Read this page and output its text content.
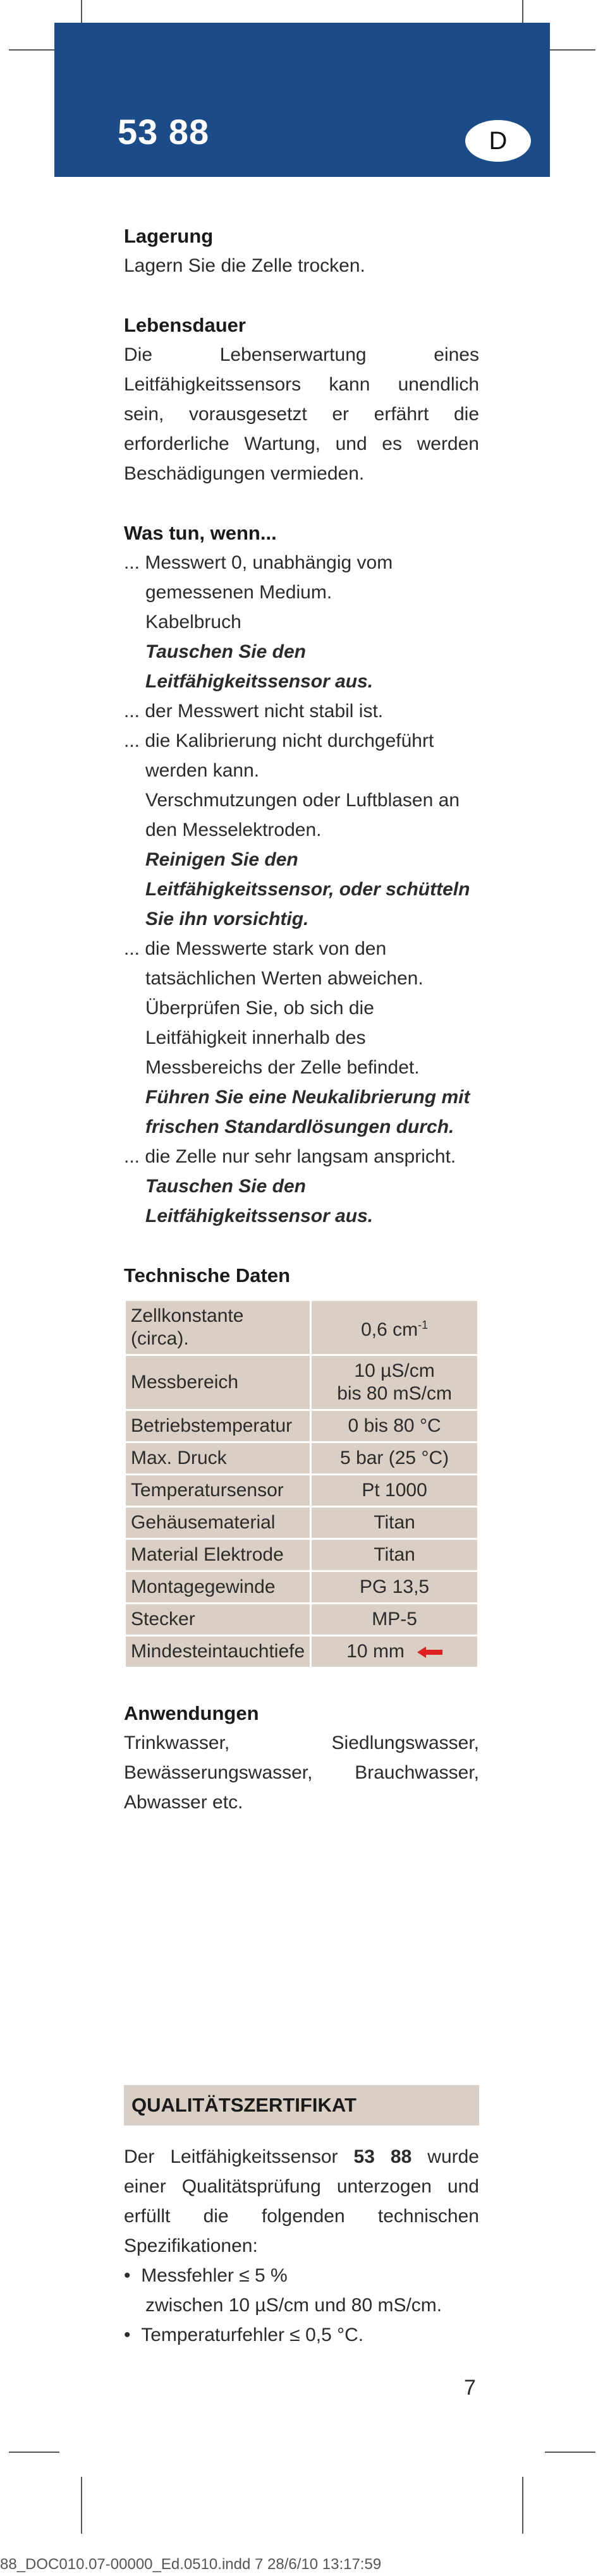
53 88	D

Lagerung

Lagern Sie die Zelle trocken.

Lebensdauer

Die Lebenserwartung eines Leitfähigkeitssensors kann unendlich sein, vorausgesetzt er erfährt die erforderliche Wartung, und es werden Beschädigungen vermieden.

Was tun, wenn...

... Messwert 0, unabhängig vom gemessenen Medium.

Kabelbruch

Tauschen Sie den Leitfähigkeitssensor aus.

... der Messwert nicht stabil ist.

... die Kalibrierung nicht durchgeführt werden kann.

Verschmutzungen oder Luftblasen an den Messelektroden.

Reinigen Sie den Leitfähigkeitssensor, oder schütteln Sie ihn vorsichtig.

... die Messwerte stark von den tatsächlichen Werten abweichen.

Überprüfen Sie, ob sich die Leitfähigkeit innerhalb des Messbereichs der Zelle befindet.

Führen Sie eine Neukalibrierung mit frischen Standardlösungen durch.

... die Zelle nur sehr langsam anspricht.

Tauschen Sie den Leitfähigkeitssensor aus.

Technische Daten

Zellkonstante (circa).	0,6 $cm^{-1}$
Messbereich	10 µS/cm
bis 80 mS/cm

Betriebstemperatur	0 bis 80 °C
Max. Druck	5 bar (25 °C)
Temperatursensor	Pt 1000
Gehäusematerial	Titan
Material Elektrode	Titan
Montagegewinde	PG 13,5
Stecker	MP-5
Mindesteintauchtiefe	10 mm

Anwendungen

Trinkwasser, Siedlungswasser, Bewässerungswasser, Brauchwasser, Abwasser etc.

QUALITÄTSZERTIFIKAT

Der Leitfähigkeitssensor 53 88 wurde einer Qualitätsprüfung unterzogen und erfüllt die folgenden technischen Spezifikationen:

•  Messfehler ≤ 5 %

zwischen 10 µS/cm und 80 mS/cm.

•  Temperaturfehler ≤ 0,5 °C.

7
88_DOC010.07-00000_Ed.0510.indd 7 28/6/10 13:17:59
